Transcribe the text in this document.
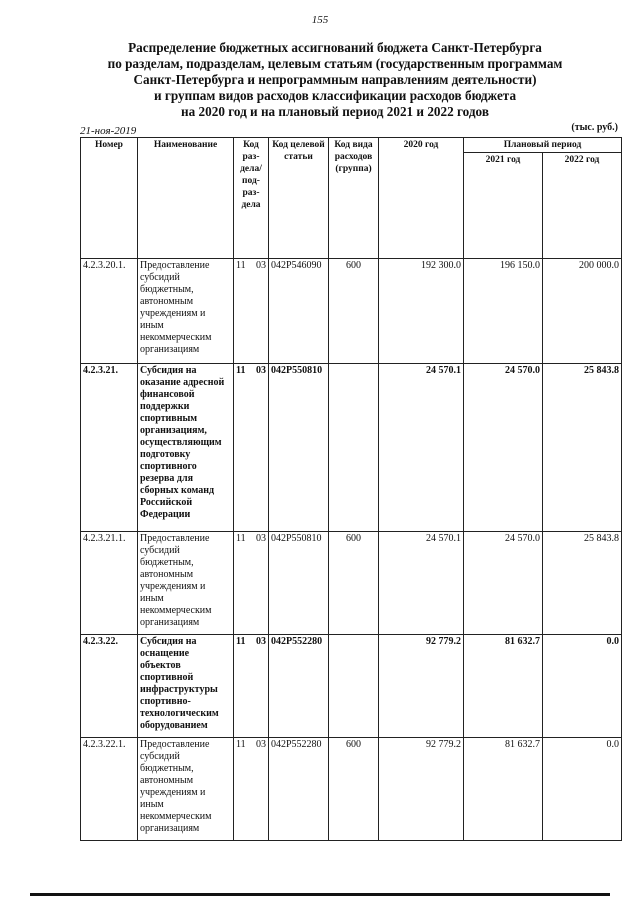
155
Распределение бюджетных ассигнований бюджета Санкт-Петербурга
по разделам, подразделам, целевым статьям (государственным программам
Санкт-Петербурга и непрограммным направлениям деятельности)
и группам видов расходов классификации расходов бюджета
на 2020 год и на плановый период 2021 и 2022 годов
21-ноя-2019	(тыс. руб.)
Номер	Наименование	Код раз-дела/ под-раз-дела	Код целевой статьи	Код вида расходов (группа)	2020 год	Плановый период	
						2021 год	2022 год
4.2.3.20.1.	Предоставление субсидий бюджетным, автономным учреждениям и иным некоммерческим организациям	11 03	042Р546090	600	192 300.0	196 150.0	200 000.0
4.2.3.21.	Субсидия на оказание адресной финансовой поддержки спортивным организациям, осуществляющим подготовку спортивного резерва для сборных команд Российской Федерации	11 03	042Р550810		24 570.1	24 570.0	25 843.8
4.2.3.21.1.	Предоставление субсидий бюджетным, автономным учреждениям и иным некоммерческим организациям	11 03	042Р550810	600	24 570.1	24 570.0	25 843.8
4.2.3.22.	Субсидия на оснащение объектов спортивной инфраструктуры спортивно-технологическим оборудованием	11 03	042Р552280		92 779.2	81 632.7	0.0
4.2.3.22.1.	Предоставление субсидий бюджетным, автономным учреждениям и иным некоммерческим организациям	11 03	042Р552280	600	92 779.2	81 632.7	0.0
